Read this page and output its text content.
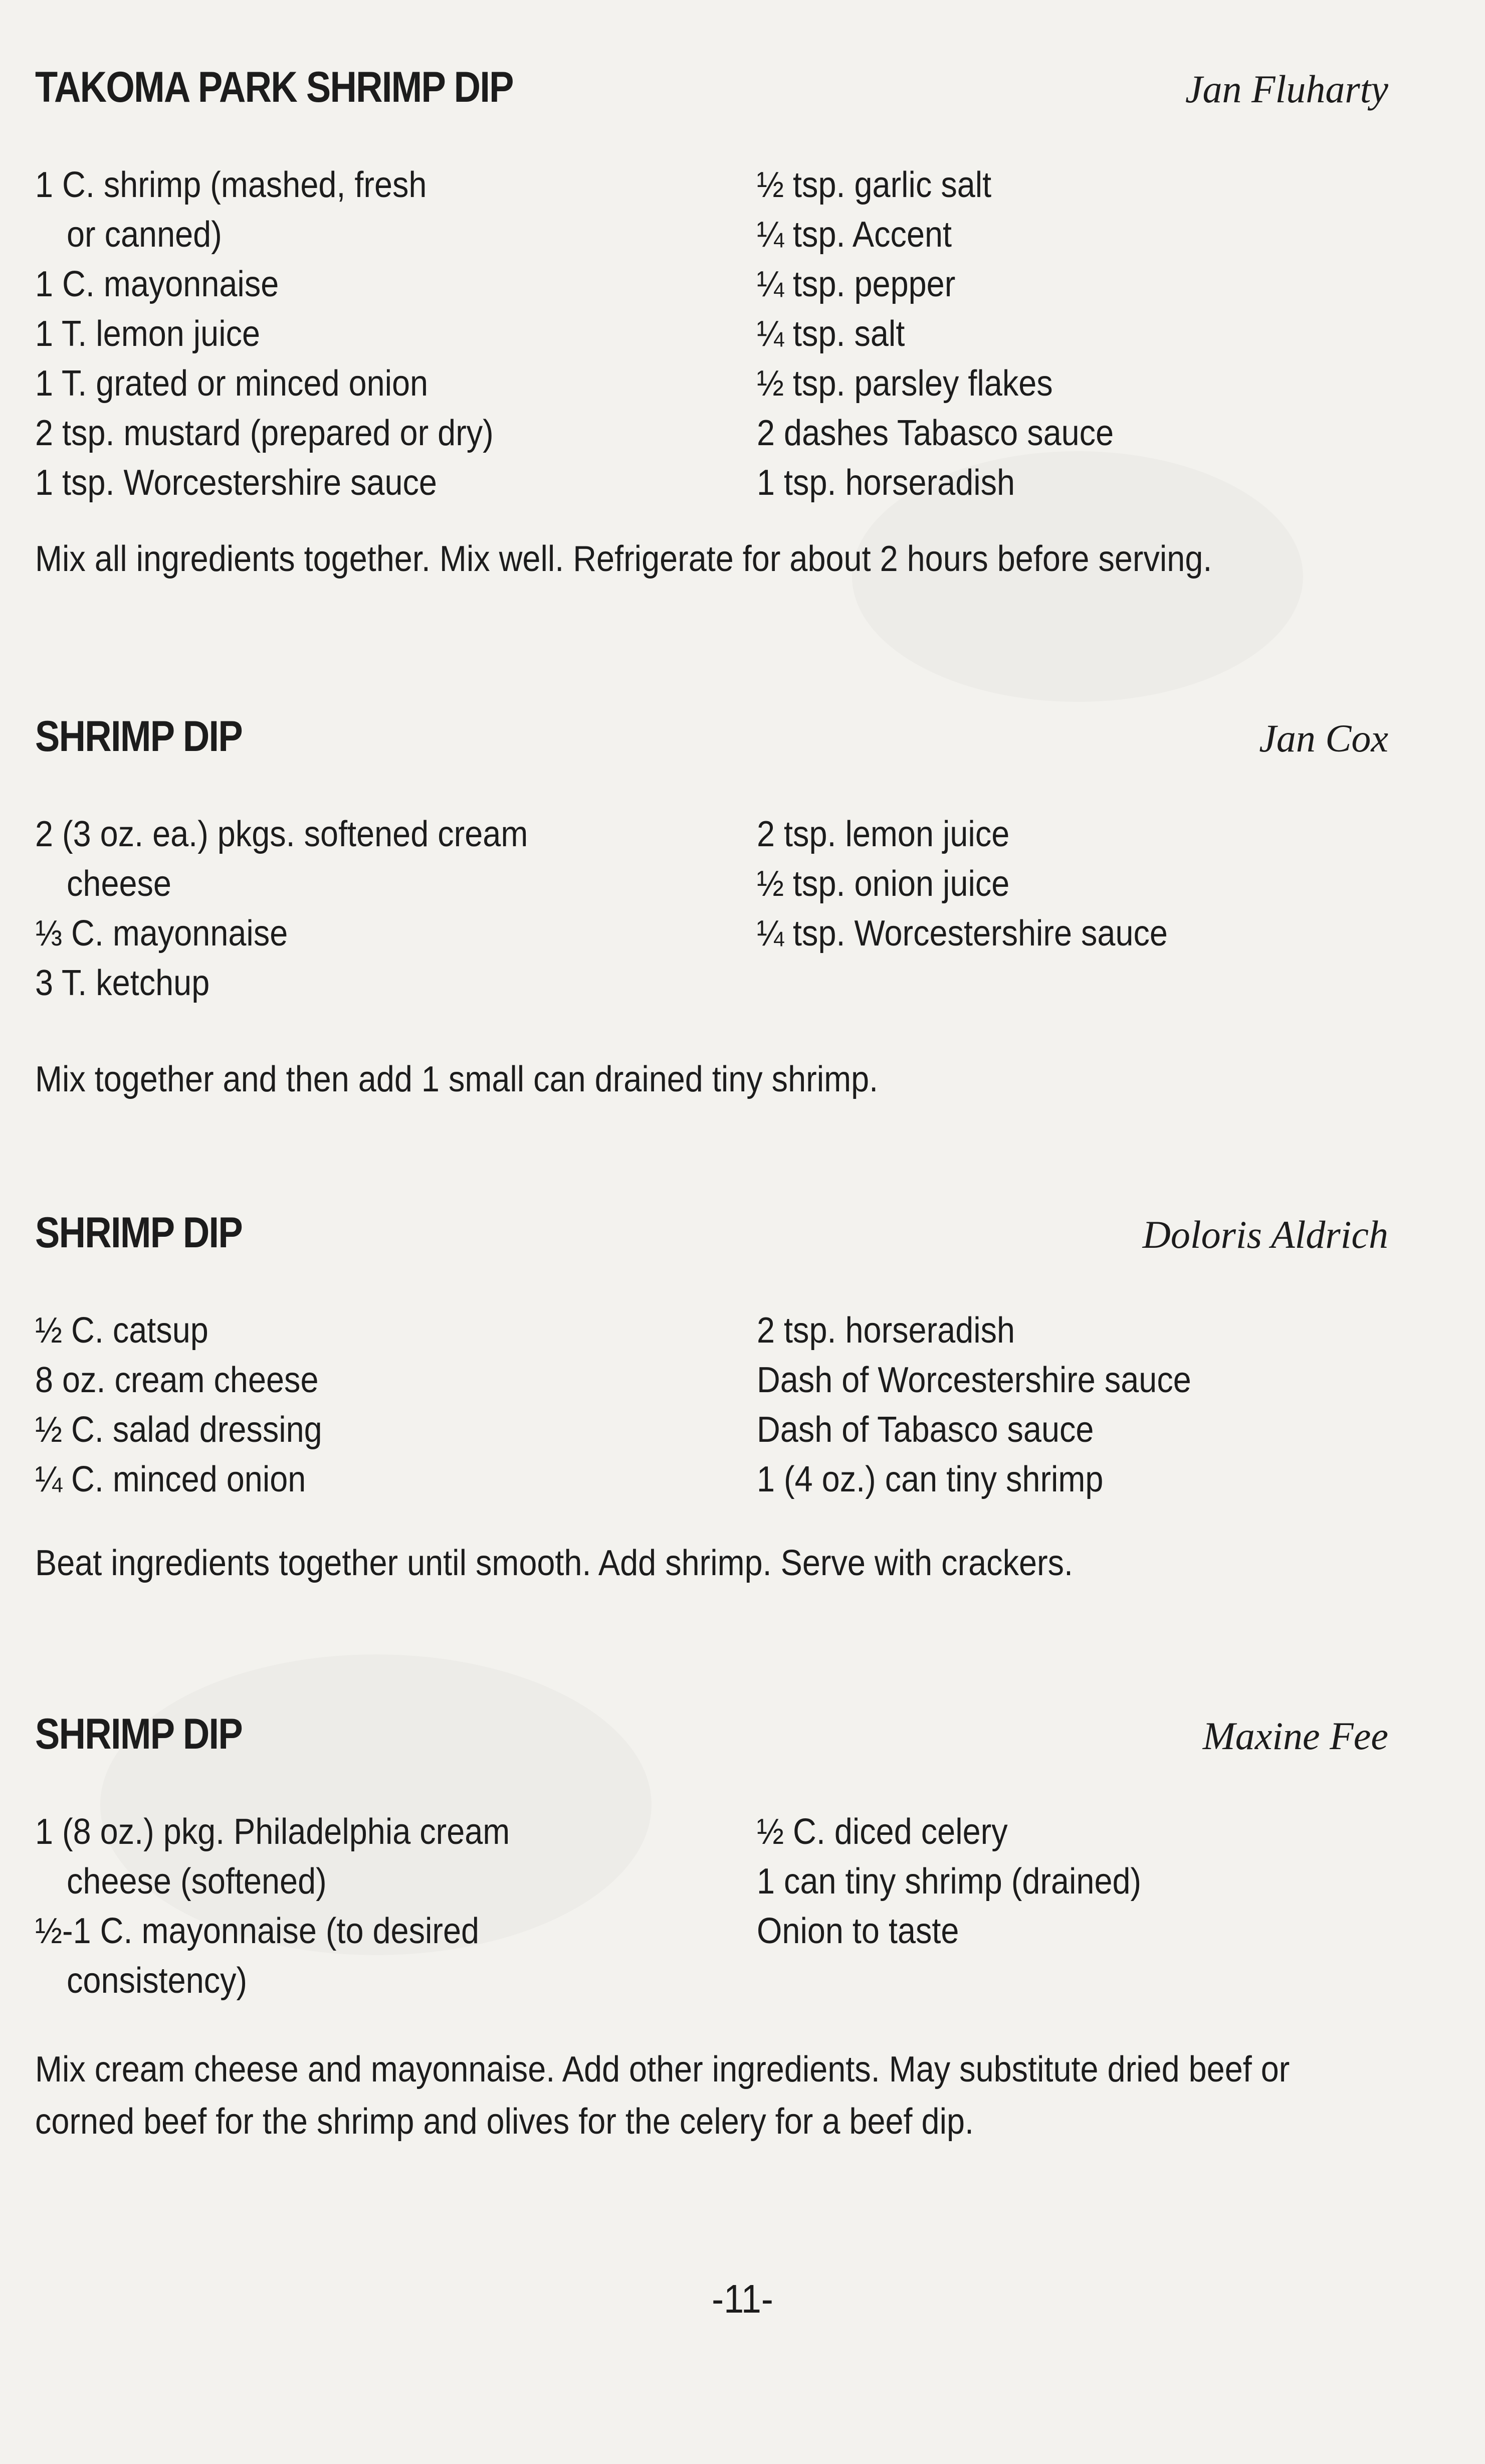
TAKOMA PARK SHRIMP DIP	Jan Fluharty
1 C. shrimp (mashed, fresh
or canned)
1 C. mayonnaise
1 T. lemon juice
1 T. grated or minced onion
2 tsp. mustard (prepared or dry)
1 tsp. Worcestershire sauce
½ tsp. garlic salt
¼ tsp. Accent
¼ tsp. pepper
¼ tsp. salt
½ tsp. parsley flakes
2 dashes Tabasco sauce
1 tsp. horseradish
Mix all ingredients together. Mix well. Refrigerate for about 2 hours before serving.
SHRIMP DIP	Jan Cox
2 (3 oz. ea.) pkgs. softened cream
cheese
⅓ C. mayonnaise
3 T. ketchup
2 tsp. lemon juice
½ tsp. onion juice
¼ tsp. Worcestershire sauce
Mix together and then add 1 small can drained tiny shrimp.
SHRIMP DIP	Doloris Aldrich
½ C. catsup
8 oz. cream cheese
½ C. salad dressing
¼ C. minced onion
2 tsp. horseradish
Dash of Worcestershire sauce
Dash of Tabasco sauce
1 (4 oz.) can tiny shrimp
Beat ingredients together until smooth. Add shrimp. Serve with crackers.
SHRIMP DIP	Maxine Fee
1 (8 oz.) pkg. Philadelphia cream
cheese (softened)
½-1 C. mayonnaise (to desired
consistency)
½ C. diced celery
1 can tiny shrimp (drained)
Onion to taste
Mix cream cheese and mayonnaise. Add other ingredients. May substitute dried beef or corned beef for the shrimp and olives for the celery for a beef dip.
-11-
